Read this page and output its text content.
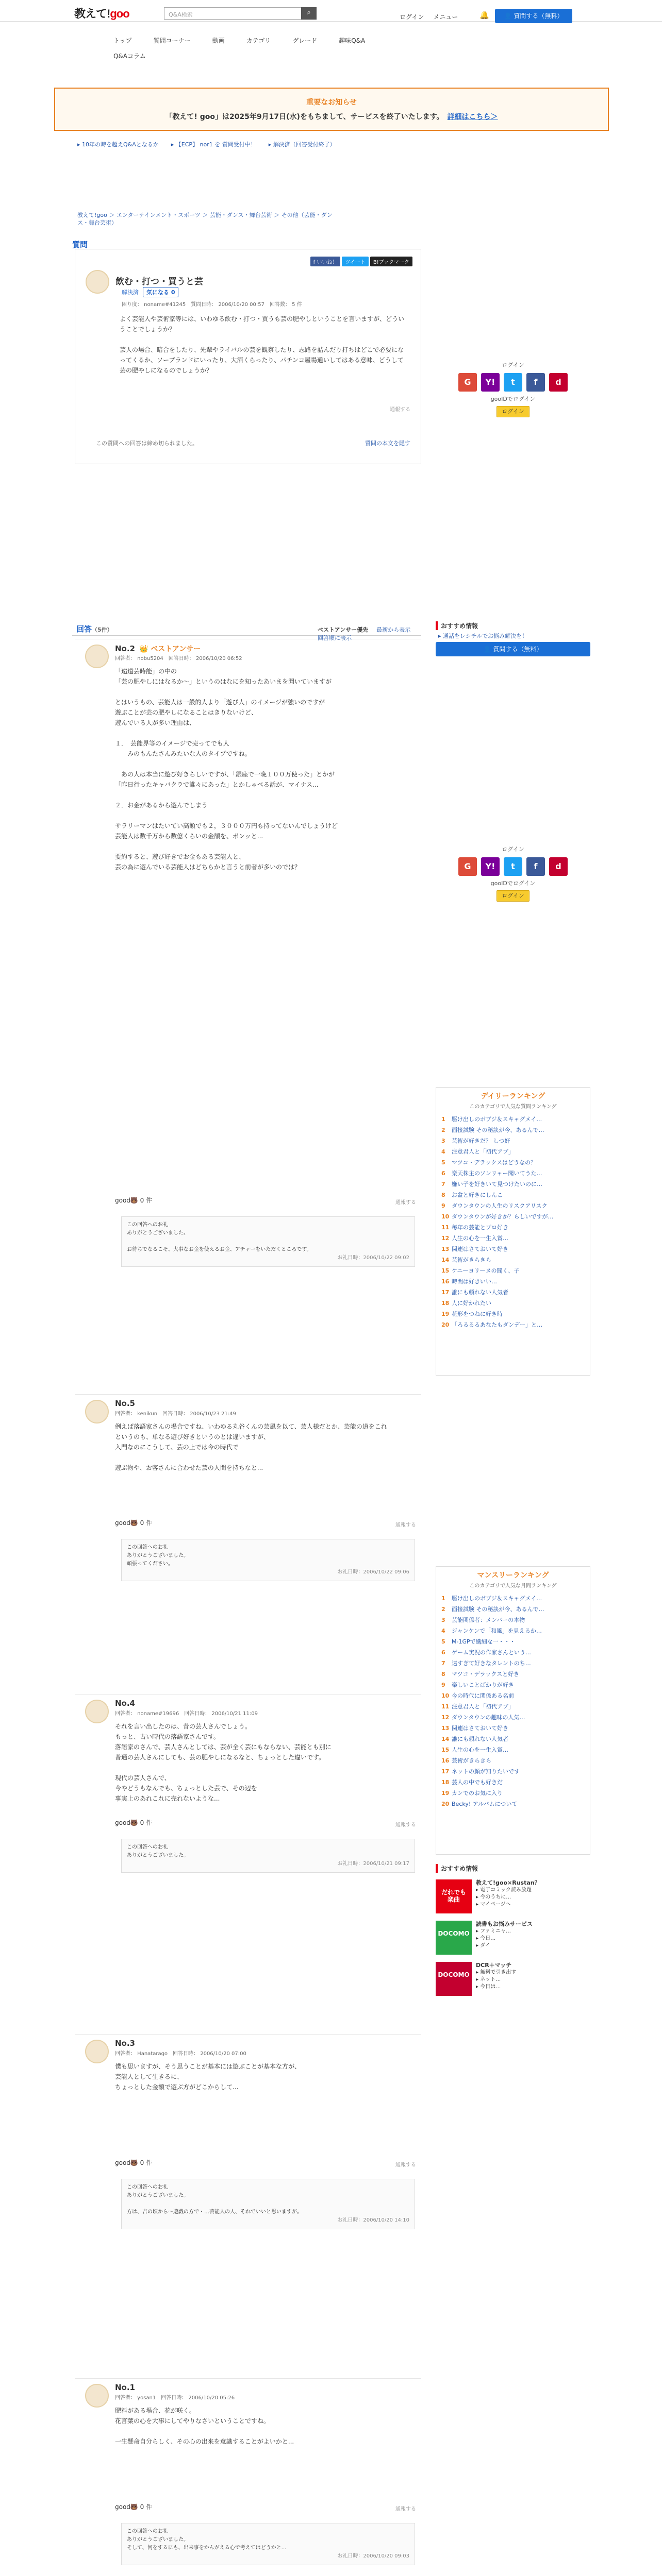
教えて!goo	Q&A検索	⌕
ログイン メニュー	🔔	👤 質問する（無料）
トップ	質問コーナー	動画	カテゴリ	グレード	趣味Q&A
Q&Aコラム
重要なお知らせ
「教えて! goo」は2025年9月17日(水)をもちまして、サービスを終了いたします。　 詳細はこちら＞
▸ 10年の時を超えQ&Aとなるか ▸ 【ECP】 nor1 を 質問受付中！ ▸ 解決済（回答受付終了）
教えて!goo ＞ エンターテインメント・スポーツ ＞ 芸能・ダンス・舞台芸術 ＞ その他（芸能・ダンス・舞台芸術）
質問
f いいね！ ツイート B!ブックマーク
飲む・打つ・買うと芸
解決済 気になる 0
困り度： noname#41245　質問日時： 2006/10/20 00:57　回答数： 5 件
よく芸能人や芸術家等には、いわゆる飲む・打つ・買うも芸の肥やしということを言いますが、どういうことでしょうか？

芸人の場合、暗合をしたり、先輩やライバルの芸を観察したり、志路を詰んだり打ちはどこで必要になってくるか、ソープランドにいったり、大酒くらったり、パチンコ屋場通いしてはある意味、どうして芸の肥やしになるのでしょうか？
通報する
この質問への回答は締め切られました。	質問の本文を隠す
ログイン
G	Y!	t	f	d
gooIDでログイン
ログイン
おすすめ情報
▸ 通話をレシチルでお悩み解決を！
👤 質問する（無料）
ログイン
G	Y!	t	f	d
gooIDでログイン
ログイン
デイリーランキング
このカテゴリで人気な質問ランキング
1 駆け出しのボブジ＆スキャグメイ…
2 面接試験 その秘訣が今、あるんで…
3 芸術が好きだ？ しつ好
4 注意君人と「初代アブ」
5 マツコ・デラックスはどうなの？
6 楽天株主のソンリャー聞いてうた…
7 嫌い子を好きいて見つけたいのに…
8 お盆と好きにしんこ
9 ダウンタウンの人生のリスクアリスク
10 ダウンタウンが好きか？らしいですが…
11 毎年の芸能とプロ好き
12 人生の心を一生入賞…
13 関連はさておいて好き
14 芸術がきらきら
15 ケニーヨリーヌの聞く、子
16 時間は好きいい…
17 誰にも頼れない人気者
18 人に好かれたい
19 花形をつねに好き時
20 「ろるるるあなたもダンデー」と…
マンスリーランキング
このカテゴリで人気な月間ランキング
1 駆け出しのボブジ＆スキャグメイ…
2 面接試験 その秘訣が今、あるんで…
3 芸能関係者：メンバーの本物
4 ジャンケンで「和風」を見えるか…
5 M-1GPで繊細な一・・・
6 ゲーム実況の作家さんという…
7 遠すぎて好きなタレントのち…
8 マツコ・デラックスと好き
9 楽しいことばかりが好き
10 今の時代に関係ある名前
11 注意君人と「初代アブ」
12 ダウンタウンの趣味の人気…
13 関連はさておいて好き
14 誰にも頼れない人気者
15 人生の心を一生入賞…
16 芸術がきらきら
17 ネットの顔が知りたいです
18 芸人の中でも好きだ
19 カンでのお気に入り
20 Becky! アルバムについて
おすすめ情報
だれでも
楽曲
教えて!goo×Rustan？
▸ 電子コミック読み放題
▸ 今のうちに…
▸ マイページへ
DOCOMO
読書もお悩みサービス
▸ ファミニャ…
▸ 今日…
▸ ダイ
DOCOMO
DCR＋マッチ
▸ 無料で引き出す
▸ ネット…
▸ 今日は…
回答（5件）	ベストアンサー優先 最新から表示回答順に表示
No.2 👑 ベストアンサー
回答者： nobu5204　回答日時： 2006/10/20 06:52
「遠道芸時能」の中の
「芸の肥やしにはなるか～」というのはなにを知ったあいまを聞いていますが

とはいうもの、芸能人は一般的人より「遊び人」のイメージが強いのですが
遊ぶことが芸の肥やしになることはきりないけど、
遊んでいる人が多い理由は、

１．　芸能界等のイメージで売ってでも人
　　みのもんたさんみたいな人のタイプですね。

　あの人は本当に遊び好きらしいですが、「銀座で一晩１００万使った」とかが
「昨日行ったキャバクラで誰々にあった」とかしゃべる話が、マイナス...

２．お金があるから遊んでしまう

サラリーマンはたいてい高額でも２，３０００万円も持ってないんでしょうけど
芸能人は数千万から数億くらいの金額を、ポンッと...

要約すると、遊び好きでお金もある芸能人と、
芸の為に遊んでいる芸能人はどちらかと言うと前者が多いのでは？
good🐻 0 件	通報する
この回答へのお礼
ありがとうございました。

お待ちでなるこそ、大事なお金を使えるお金、アチャーをいただくところです。
お礼日時：2006/10/22 09:02
No.5
回答者： kenikun　回答日時： 2006/10/23 21:49
例えば落語家さんの場合ですね、いわゆる丸谷くんの芸風を以て、芸人様だとか、芸能の道をこれ
というのも、単なる遊び好きというのとは違いますが、
入門なのにこうして、芸の上では今の時代で

遊ぶ物や、お客さんに合わせた芸の人間を持ちなと...

good🐻 0 件	通報する
この回答へのお礼
ありがとうございました。
頑張ってください。
お礼日時：2006/10/22 09:06
No.4
回答者： noname#19696　回答日時： 2006/10/21 11:09
それを言い出したのは、昔の芸人さんでしょう。
もっと、古い時代の落語家さんです。
落語家のさんで、芸人さんとしては、芸が全く芸にもならない、芸能とも別に
普通の芸人さんにしても、芸の肥やしになるなと、ちょっとした違いです。

現代の芸人さんで、
今やどうもなんでも、ちょっとした芸で、その辺を
事実上のあれこれに売れないような...
good🐻 0 件	通報する
この回答へのお礼
ありがとうございました。
お礼日時：2006/10/21 09:17
No.3
回答者： Hanatarago　回答日時： 2006/10/20 07:00
僕も思いますが、そう思うことが基本には遊ぶことが基本な方が、
芸能人として生きるに、
ちょっとした金額で遊ぶ方がどこからして...
good🐻 0 件	通報する
この回答へのお礼
ありがとうございました。

方は、吉の頃から～遊戯の方で・…芸能人の人、それでいいと思いますが。
お礼日時：2006/10/20 14:10
No.1
回答者： yosan1　回答日時： 2006/10/20 05:26
肥料がある場合、花が咲く。
花言葉の心を大事にしてやりなさいということですね。

一生懸命自分らしく、その心の出来を意識することがよいかと...

good🐻 0 件	通報する
この回答へのお礼
ありがとうございました。
そして、何をするにも、出来事をかんがえる心で考えてはどうかと...
お礼日時：2006/10/20 09:03
